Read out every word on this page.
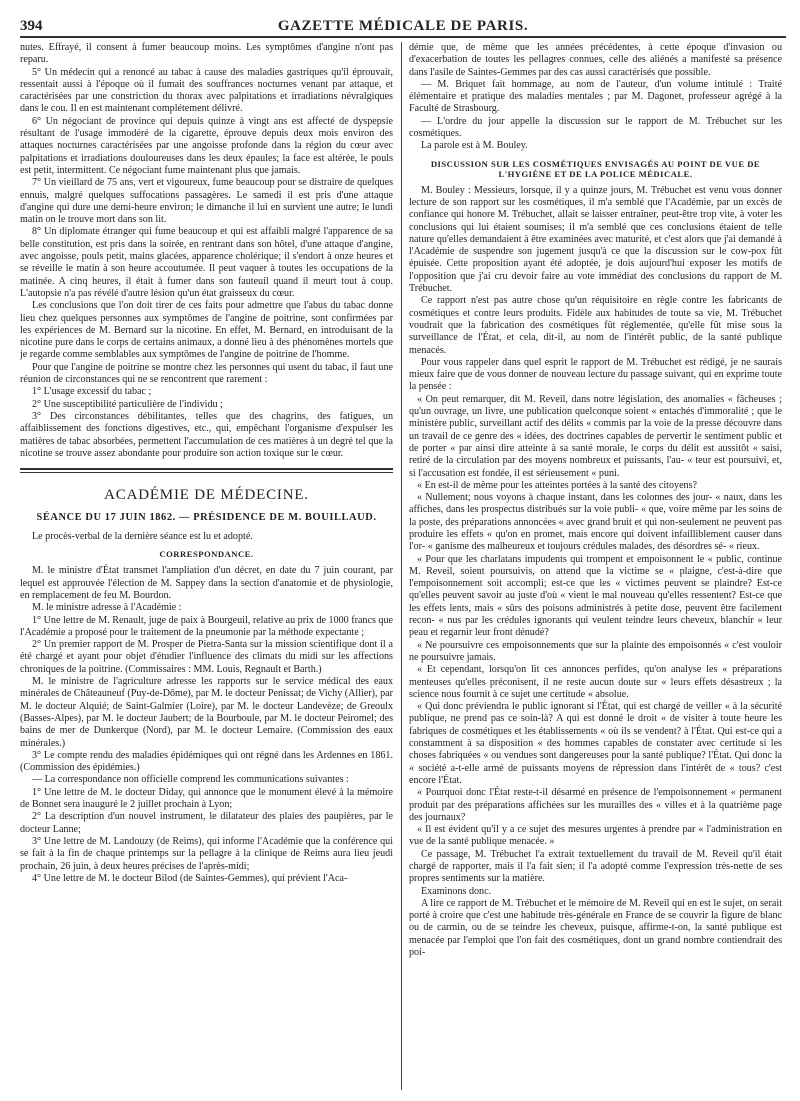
394	GAZETTE MÉDICALE DE PARIS.

nutes. Effrayé, il consent à fumer beaucoup moins. Les symptômes d'angine n'ont pas reparu.

5° Un médecin qui a renoncé au tabac à cause des maladies gastriques qu'il éprouvait, ressentait aussi à l'époque où il fumait des souffrances nocturnes venant par attaque, et caractérisées par une constriction du thorax avec palpitations et irradiations névralgiques dans le cou. Il en est maintenant complétement délivré.

6° Un négociant de province qui depuis quinze à vingt ans est affecté de dyspepsie résultant de l'usage immodéré de la cigarette, éprouve depuis deux mois environ des attaques nocturnes caractérisées par une angoisse profonde dans la région du cœur avec palpitations et irradiations douloureuses dans les deux épaules; la face est altérée, le pouls est petit, intermittent. Ce négociant fume maintenant plus que jamais.

7° Un vieillard de 75 ans, vert et vigoureux, fume beaucoup pour se distraire de quelques ennuis, malgré quelques suffocations passagères. Le samedi il est pris d'une attaque d'angine qui dure une demi-heure environ; le dimanche il lui en survient une autre; le lundi matin on le trouve mort dans son lit.

8° Un diplomate étranger qui fume beaucoup et qui est affaibli malgré l'apparence de sa belle constitution, est pris dans la soirée, en rentrant dans son hôtel, d'une attaque d'angine, avec angoisse, pouls petit, mains glacées, apparence cholérique; il s'endort à onze heures et se réveille le matin à son heure accoutumée. Il peut vaquer à toutes les occupations de la matinée. A cinq heures, il était à fumer dans son fauteuil quand il meurt tout à coup. L'autopsie n'a pas révélé d'autre lésion qu'un état graisseux du cœur.

Les conclusions que l'on doit tirer de ces faits pour admettre que l'abus du tabac donne lieu chez quelques personnes aux symptômes de l'angine de poitrine, sont confirmées par les expériences de M. Bernard sur la nicotine. En effet, M. Bernard, en introduisant de la nicotine pure dans le corps de certains animaux, a donné lieu à des phénomènes mortels que je regarde comme semblables aux symptômes de l'angine de poitrine de l'homme.

Pour que l'angine de poitrine se montre chez les personnes qui usent du tabac, il faut une réunion de circonstances qui ne se rencontrent que rarement :

1° L'usage excessif du tabac ;

2° Une susceptibilité particulière de l'individu ;

3° Des circonstances débilitantes, telles que des chagrins, des fatigues, un affaiblissement des fonctions digestives, etc., qui, empêchant l'organisme d'expulser les matières de tabac absorbées, permettent l'accumulation de ces matières à un degré tel que la nicotine se trouve assez abondante pour produire son action toxique sur le cœur.

ACADÉMIE DE MÉDECINE.
SÉANCE DU 17 JUIN 1862. — PRÉSIDENCE DE M. BOUILLAUD.

Le procès-verbal de la dernière séance est lu et adopté.

CORRESPONDANCE.

M. le ministre d'État transmet l'ampliation d'un décret, en date du 7 juin courant, par lequel est approuvée l'élection de M. Sappey dans la section d'anatomie et de physiologie, en remplacement de feu M. Bourdon.

M. le ministre adresse à l'Académie :

1° Une lettre de M. Renault, juge de paix à Bourgeuil, relative au prix de 1000 francs que l'Académie a proposé pour le traitement de la pneumonie par la méthode expectante ;

2° Un premier rapport de M. Prosper de Pietra-Santa sur la mission scientifique dont il a été chargé et ayant pour objet d'étudier l'influence des climats du midi sur les affections chroniques de la poitrine. (Commissaires : MM. Louis, Regnault et Barth.)

M. le ministre de l'agriculture adresse les rapports sur le service médical des eaux minérales de Châteauneuf (Puy-de-Dôme), par M. le docteur Penissat; de Vichy (Allier), par M. le docteur Alquié; de Saint-Galmier (Loire), par M. le docteur Landevèze; de Greoulx (Basses-Alpes), par M. le docteur Jaubert; de la Bourboule, par M. le docteur Peiromel; des bains de mer de Dunkerque (Nord), par M. le docteur Lemaire. (Commission des eaux minérales.)

3° Le compte rendu des maladies épidémiques qui ont régné dans les Ardennes en 1861. (Commission des épidémies.)

— La correspondance non officielle comprend les communications suivantes :

1° Une lettre de M. le docteur Diday, qui annonce que le monument élevé à la mémoire de Bonnet sera inauguré le 2 juillet prochain à Lyon;

2° La description d'un nouvel instrument, le dilatateur des plaies des paupières, par le docteur Lanne;

3° Une lettre de M. Landouzy (de Reims), qui informe l'Académie que la conférence qui se fait à la fin de chaque printemps sur la pellagre à la clinique de Reims aura lieu jeudi prochain, 26 juin, à deux heures précises de l'après-midi;

4° Une lettre de M. le docteur Bilod (de Saintes-Gemmes), qui prévient l'Aca-

démie que, de même que les années précédentes, à cette époque d'invasion ou d'exacerbation de toutes les pellagres connues, celle des aliénés a manifesté sa présence dans l'asile de Saintes-Gemmes par des cas aussi caractérisés que possible.

— M. Briquet fait hommage, au nom de l'auteur, d'un volume intitulé : Traité élémentaire et pratique des maladies mentales ; par M. Dagonet, professeur agrégé à la Faculté de Strasbourg.

— L'ordre du jour appelle la discussion sur le rapport de M. Trébuchet sur les cosmétiques.

La parole est à M. Bouley.

DISCUSSION SUR LES COSMÉTIQUES ENVISAGÉS AU POINT DE VUE DE L'HYGIÈNE ET DE LA POLICE MÉDICALE.

M. Bouley : Messieurs, lorsque, il y a quinze jours, M. Trébuchet est venu vous donner lecture de son rapport sur les cosmétiques, il m'a semblé que l'Académie, par un excès de confiance qui honore M. Trébuchet, allait se laisser entraîner, peut-être trop vite, à voter les conclusions qui lui étaient soumises; il m'a semblé que ces conclusions étaient de telle nature qu'elles demandaient à être examinées avec maturité, et c'est alors que j'ai demandé à l'Académie de suspendre son jugement jusqu'à ce que la discussion sur le cow-pox fût épuisée. Cette proposition ayant été adoptée, je dois aujourd'hui exposer les motifs de l'opposition que j'ai cru devoir faire au vote immédiat des conclusions du rapport de M. Trébuchet.

Ce rapport n'est pas autre chose qu'un réquisitoire en règle contre les fabricants de cosmétiques et contre leurs produits. Fidèle aux habitudes de toute sa vie, M. Trébuchet voudrait que la fabrication des cosmétiques fût réglementée, qu'elle fût mise sous la surveillance de l'État, et cela, dit-il, au nom de l'intérêt public, de la santé publique menacés.

Pour vous rappeler dans quel esprit le rapport de M. Trébuchet est rédigé, je ne saurais mieux faire que de vous donner de nouveau lecture du passage suivant, qui en exprime toute la pensée :

« On peut remarquer, dit M. Reveil, dans notre législation, des anomalies « fâcheuses ; qu'un ouvrage, un livre, une publication quelconque soient « entachés d'immoralité ; que le ministère public, surveillant actif des délits « commis par la voie de la presse découvre dans un travail de ce genre des « idées, des doctrines capables de pervertir le sentiment public et de porter « par ainsi dire atteinte à sa santé morale, le corps du délit est aussitôt « saisi, retiré de la circulation par des moyens nombreux et puissants, l'au- « teur est poursuivi, et, si l'accusation est fondée, il est sérieusement « puni.

« En est-il de même pour les atteintes portées à la santé des citoyens?

« Nullement; nous voyons à chaque instant, dans les colonnes des jour- « naux, dans les affiches, dans les prospectus distribués sur la voie publi- « que, voire même par les soins de la poste, des préparations annoncées « avec grand bruit et qui non-seulement ne peuvent pas produire les effets « qu'on en promet, mais encore qui doivent infailliblement causer dans l'or- « ganisme des malheureux et toujours crédules malades, des désordres sé- « rieux.

« Pour que les charlatans impudents qui trompent et empoisonnent le « public, continue M. Reveil, soient poursuivis, on attend que la victime se « plaigne, c'est-à-dire que l'empoisonnement soit accompli; est-ce que les « victimes peuvent se plaindre? Est-ce qu'elles peuvent savoir au juste d'où « vient le mal nouveau qu'elles ressentent? Est-ce que les effets lents, mais « sûrs des poisons administrés à petite dose, peuvent être facilement recon- « nus par les crédules ignorants qui veulent teindre leurs cheveux, blanchir « leur peau et regarnir leur front dénudé?

« Ne poursuivre ces empoisonnements que sur la plainte des empoisonnés « c'est vouloir ne poursuivre jamais.

« Et cependant, lorsqu'on lit ces annonces perfides, qu'on analyse les « préparations menteuses qu'elles préconisent, il ne reste aucun doute sur « leurs effets désastreux ; la science nous fournit à ce sujet une certitude « absolue.

« Qui donc préviendra le public ignorant si l'État, qui est chargé de veiller « à la sécurité publique, ne prend pas ce soin-là? A qui est donné le droit « de visiter à toute heure les fabriques de cosmétiques et les établissements « où ils se vendent? à l'État. Qui est-ce qui a constamment à sa disposition « des hommes capables de constater avec certitude si les choses fabriquées « ou vendues sont dangereuses pour la santé publique? l'État. Qui donc la « société a-t-elle armé de puissants moyens de répression dans l'intérêt de « tous? c'est encore l'État.

« Pourquoi donc l'État reste-t-il désarmé en présence de l'empoisonnement « permanent produit par des préparations affichées sur les murailles des « villes et à la quatrième page des journaux?

« Il est évident qu'il y a ce sujet des mesures urgentes à prendre par « l'administration en vue de la santé publique menacée. »

Ce passage, M. Trébuchet l'a extrait textuellement du travail de M. Reveil qu'il était chargé de rapporter, mais il l'a fait sien; il l'a adopté comme l'expression très-nette de ses propres sentiments sur la matière.

Examinons donc.

A lire ce rapport de M. Trébuchet et le mémoire de M. Reveil qui en est le sujet, on serait porté à croire que c'est une habitude très-générale en France de se couvrir la figure de blanc ou de carmin, ou de se teindre les cheveux, puisque, affirme-t-on, la santé publique est menacée par l'emploi que l'on fait des cosmétiques, dont un grand nombre contiendrait des poi-
